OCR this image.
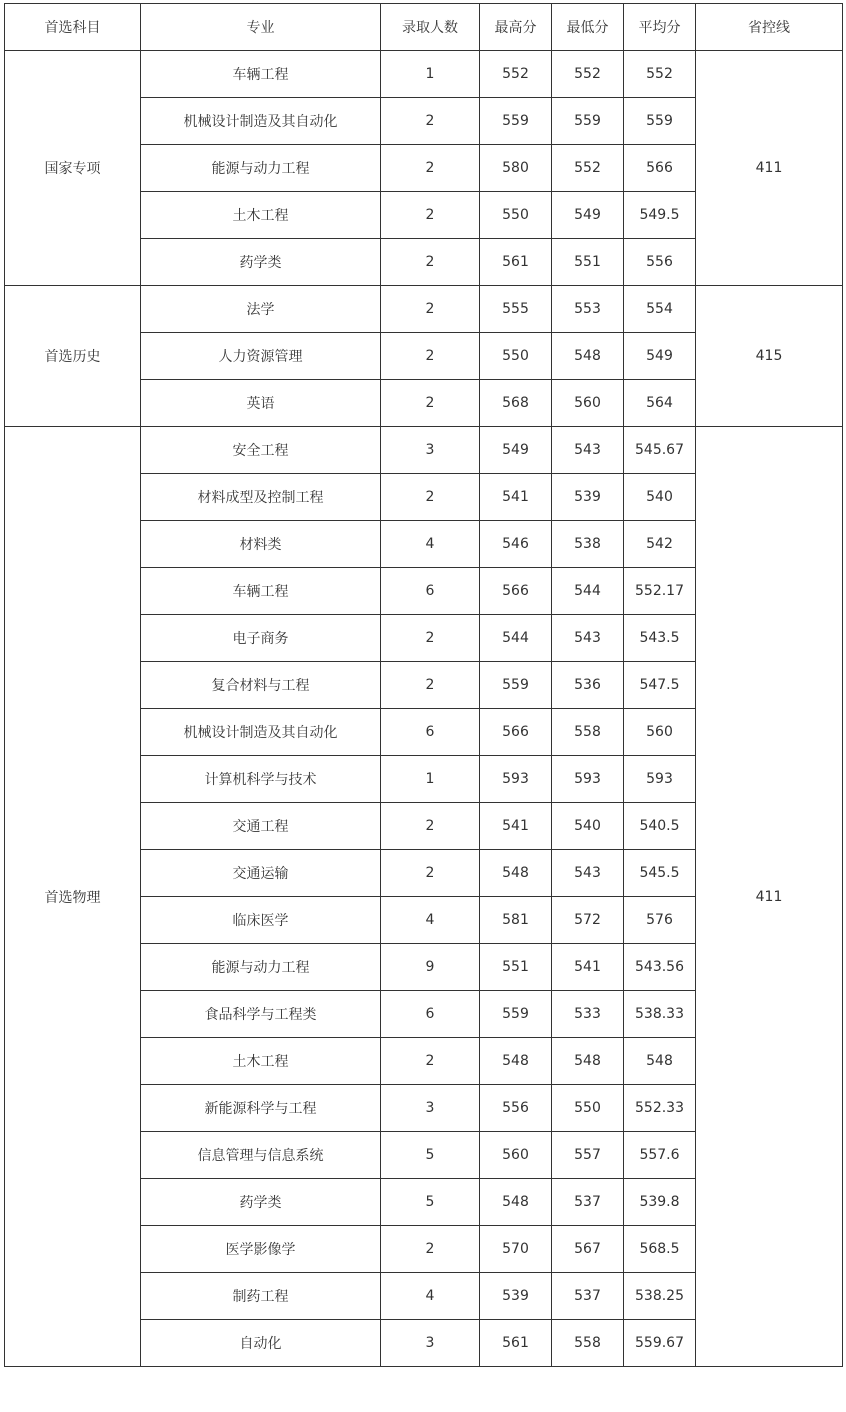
首选科目	专业	录取人数	最高分	最低分	平均分	省控线
国家专项	车辆工程	1	552	552	552	411
	机械设计制造及其自动化	2	559	559	559	
	能源与动力工程	2	580	552	566	
	土木工程	2	550	549	549.5	
	药学类	2	561	551	556	
首选历史	法学	2	555	553	554	415
	人力资源管理	2	550	548	549	
	英语	2	568	560	564	
首选物理	安全工程	3	549	543	545.67	411
	材料成型及控制工程	2	541	539	540	
	材料类	4	546	538	542	
	车辆工程	6	566	544	552.17	
	电子商务	2	544	543	543.5	
	复合材料与工程	2	559	536	547.5	
	机械设计制造及其自动化	6	566	558	560	
	计算机科学与技术	1	593	593	593	
	交通工程	2	541	540	540.5	
	交通运输	2	548	543	545.5	
	临床医学	4	581	572	576	
	能源与动力工程	9	551	541	543.56	
	食品科学与工程类	6	559	533	538.33	
	土木工程	2	548	548	548	
	新能源科学与工程	3	556	550	552.33	
	信息管理与信息系统	5	560	557	557.6	
	药学类	5	548	537	539.8	
	医学影像学	2	570	567	568.5	
	制药工程	4	539	537	538.25	
	自动化	3	561	558	559.67	
